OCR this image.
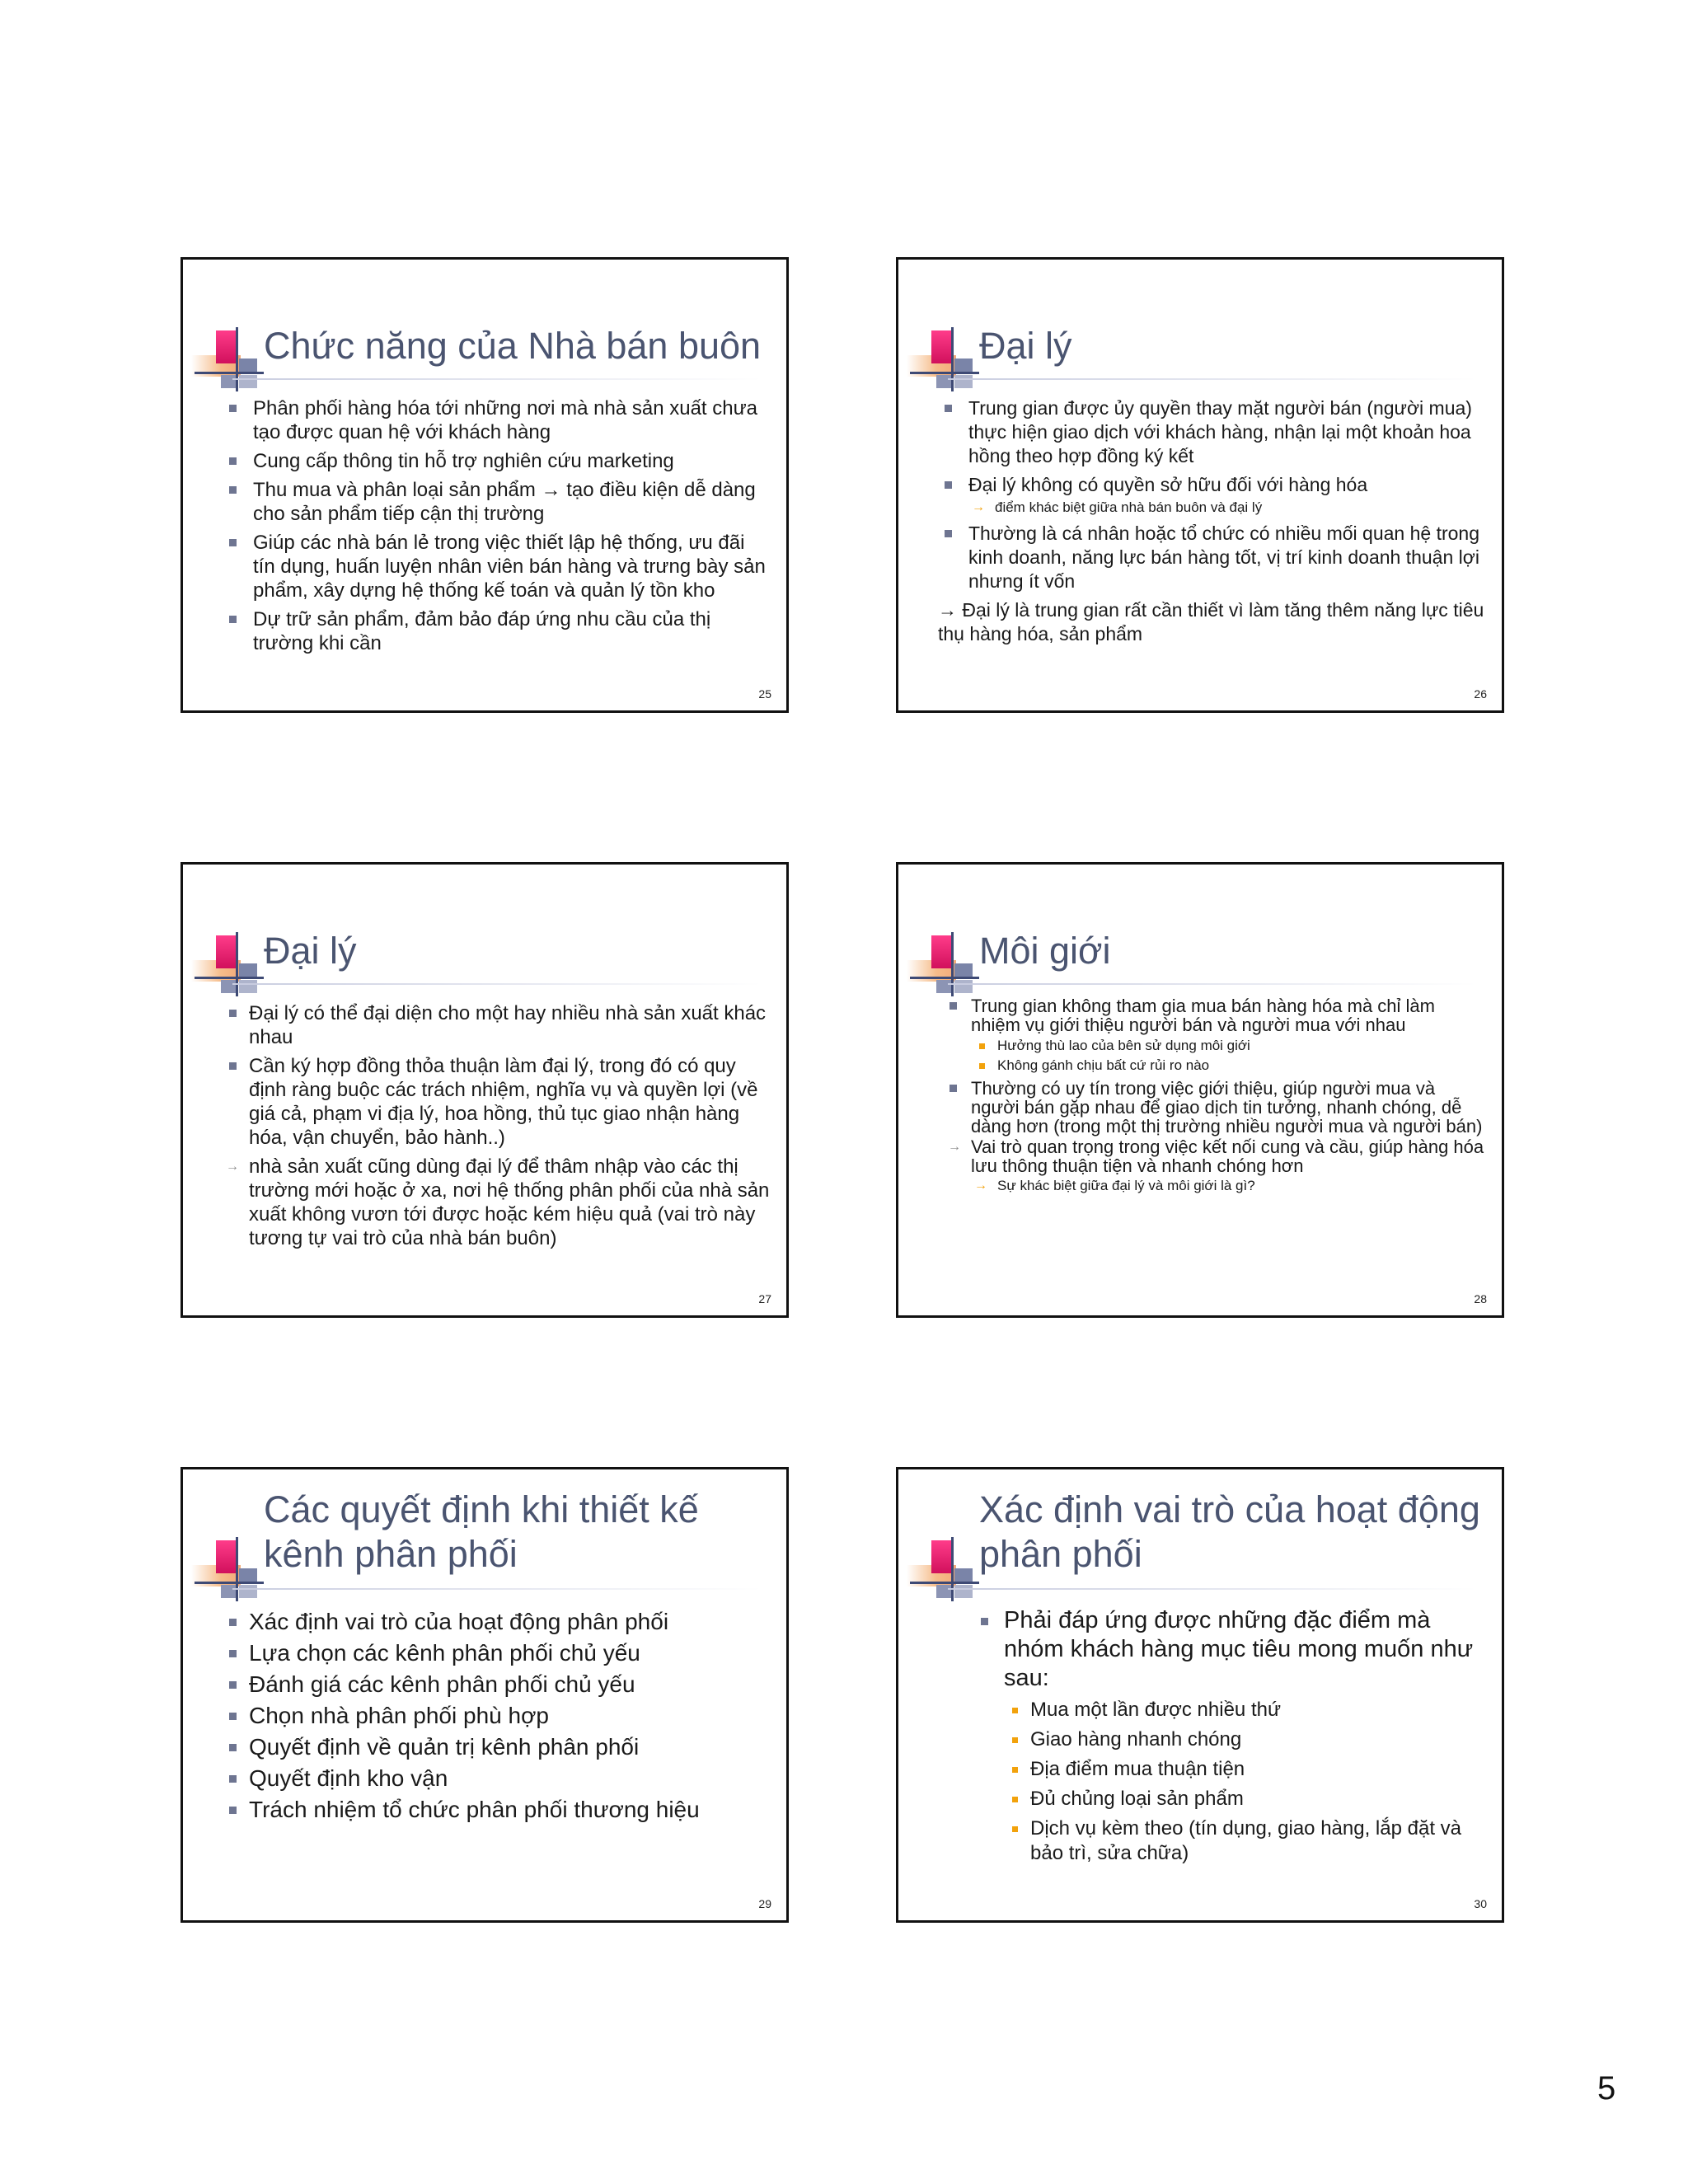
Chức năng của Nhà bán buôn
Phân phối hàng hóa tới những nơi mà nhà sản xuất chưa tạo được quan hệ với khách hàng
Cung cấp thông tin hỗ trợ nghiên cứu marketing
Thu mua và phân loại sản phẩm → tạo điều kiện dễ dàng cho sản phẩm tiếp cận thị trường
Giúp các nhà bán lẻ trong việc thiết lập hệ thống, ưu đãi tín dụng, huấn luyện nhân viên bán hàng và trưng bày sản phẩm, xây dựng hệ thống kế toán và quản lý tồn kho
Dự trữ sản phẩm, đảm bảo đáp ứng nhu cầu của thị trường khi cần
25
Đại lý
Trung gian được ủy quyền thay mặt người bán (người mua) thực hiện giao dịch với khách hàng, nhận lại một khoản hoa hồng theo hợp đồng ký kết
Đại lý không có quyền sở hữu đối với hàng hóa
→ điểm khác biệt giữa nhà bán buôn và đại lý
Thường là cá nhân hoặc tổ chức có nhiều mối quan hệ trong kinh doanh, năng lực bán hàng tốt, vị trí kinh doanh thuận lợi nhưng ít vốn
→ Đại lý là trung gian rất cần thiết vì làm tăng thêm năng lực tiêu thụ hàng hóa, sản phẩm
26
Đại lý
Đại lý có thể đại diện cho một hay nhiều nhà sản xuất khác nhau
Cần ký hợp đồng thỏa thuận làm đại lý, trong đó có quy định ràng buộc các trách nhiệm, nghĩa vụ và quyền lợi (về giá cả, phạm vi địa lý, hoa hồng, thủ tục giao nhận hàng hóa, vận chuyển, bảo hành..)
→ nhà sản xuất cũng dùng đại lý để thâm nhập vào các thị trường mới hoặc ở xa, nơi hệ thống phân phối của nhà sản xuất không vươn tới được hoặc kém hiệu quả (vai trò này tương tự vai trò của nhà bán buôn)
27
Môi giới
Trung gian không tham gia mua bán hàng hóa mà chỉ làm nhiệm vụ giới thiệu người bán và người mua với nhau
Hưởng thù lao của bên sử dụng môi giới
Không gánh chịu bất cứ rủi ro nào
Thường có uy tín trong việc giới thiệu, giúp người mua và người bán gặp nhau để giao dịch tin tưởng, nhanh chóng, dễ dàng hơn (trong một thị trường nhiều người mua và người bán)
→ Vai trò quan trọng trong việc kết nối cung và cầu, giúp hàng hóa lưu thông thuận tiện và nhanh chóng hơn
→ Sự khác biệt giữa đại lý và môi giới là gì?
28
Các quyết định khi thiết kế
kênh phân phối
Xác định vai trò của hoạt động phân phối
Lựa chọn các kênh phân phối chủ yếu
Đánh giá các kênh phân phối chủ yếu
Chọn nhà phân phối phù hợp
Quyết định về quản trị kênh phân phối
Quyết định kho vận
Trách nhiệm tổ chức phân phối thương hiệu
29
Xác định vai trò của hoạt động
phân phối
Phải đáp ứng được những đặc điểm mà nhóm khách hàng mục tiêu mong muốn như sau:
Mua một lần được nhiều thứ
Giao hàng nhanh chóng
Địa điểm mua thuận tiện
Đủ chủng loại sản phẩm
Dịch vụ kèm theo (tín dụng, giao hàng, lắp đặt và bảo trì, sửa chữa)
30
5
